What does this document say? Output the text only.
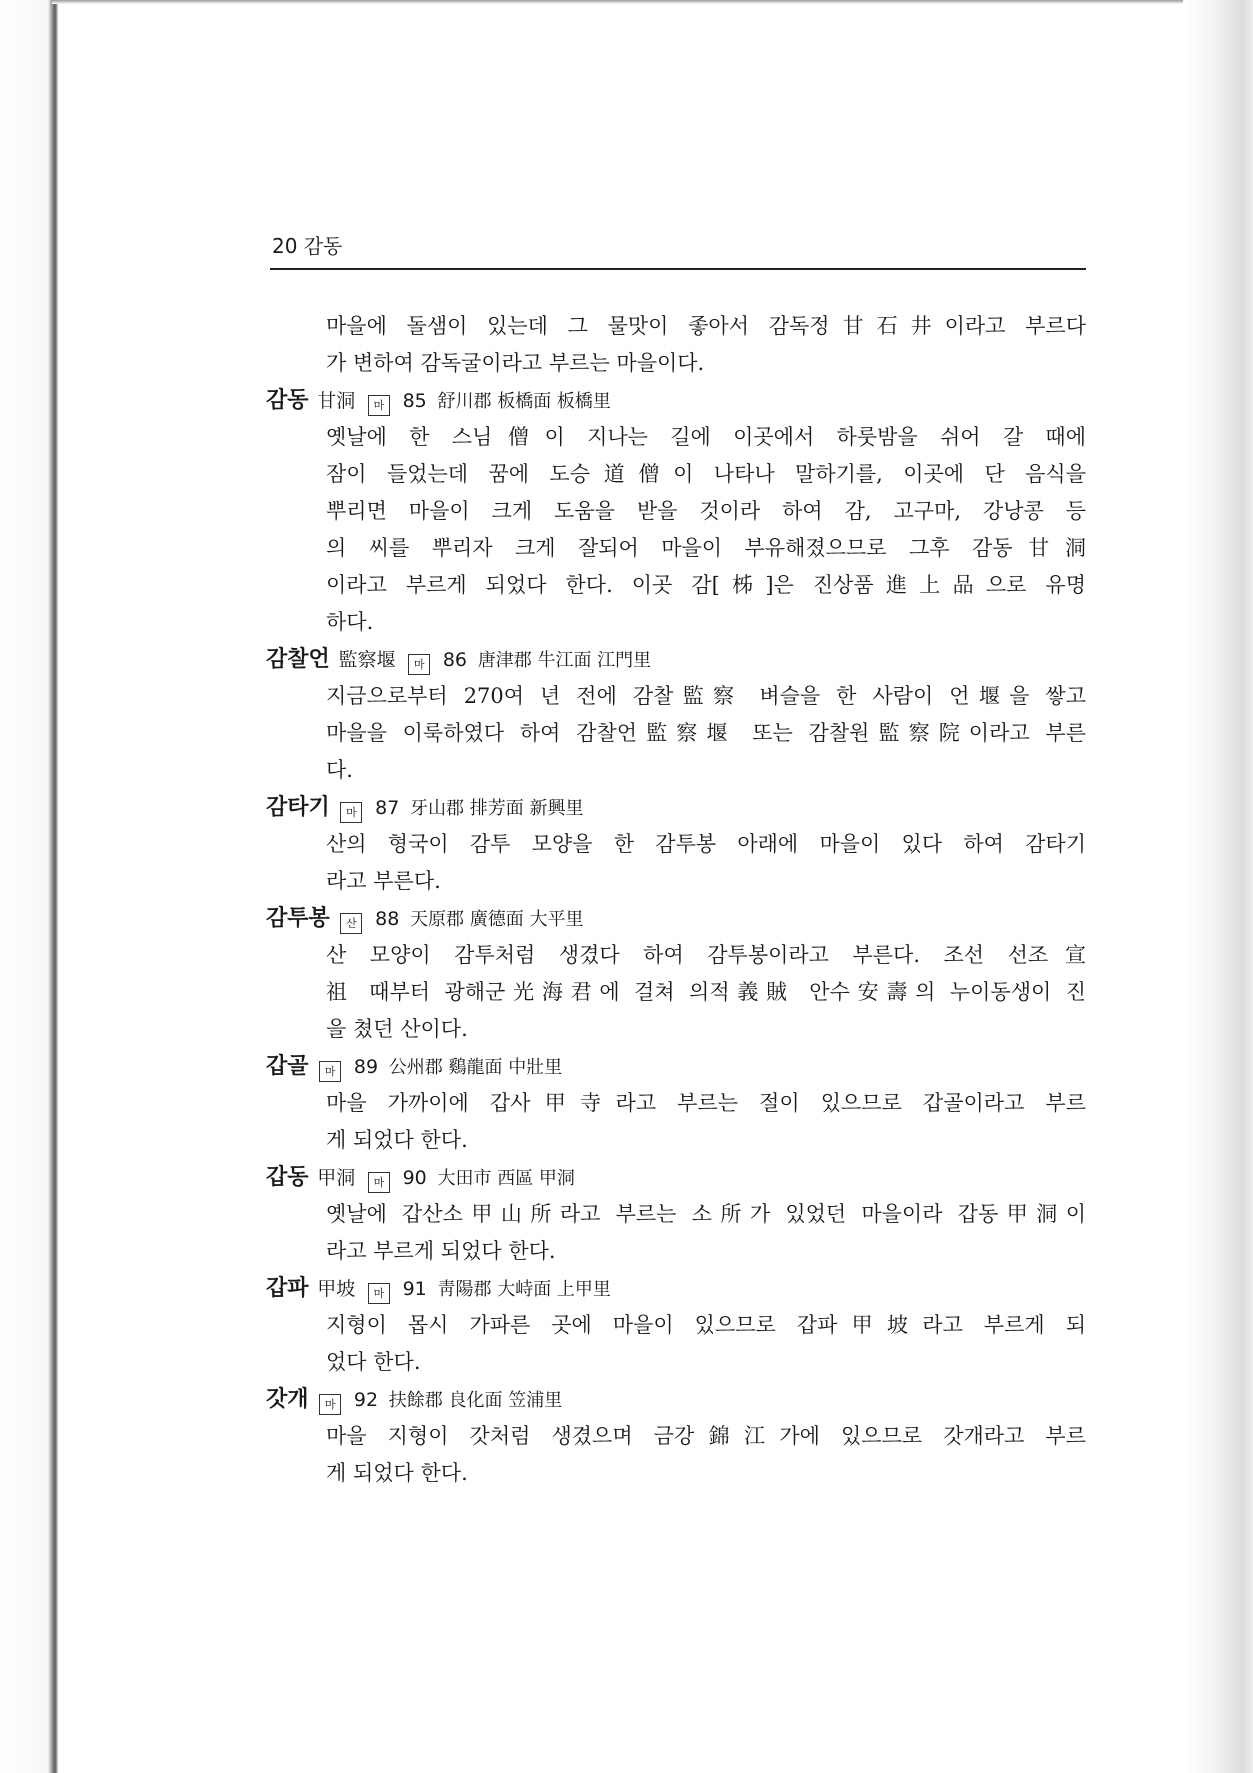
20 감동
마을에 돌샘이 있는데 그 물맛이 좋아서 감독정甘石井이라고 부르다
가 변하여 감독굴이라고 부르는 마을이다.
감동 甘洞 마 85 舒川郡 板橋面 板橋里
옛날에 한 스님僧이 지나는 길에 이곳에서 하룻밤을 쉬어 갈 때에
잠이 들었는데 꿈에 도승道僧이 나타나 말하기를, 이곳에 단 음식을
뿌리면 마을이 크게 도움을 받을 것이라 하여 감, 고구마, 강낭콩 등
의 씨를 뿌리자 크게 잘되어 마을이 부유해졌으므로 그후 감동甘洞
이라고 부르게 되었다 한다. 이곳 감[柹]은 진상품進上品으로 유명
하다.
감찰언 監察堰 마 86 唐津郡 牛江面 江門里
지금으로부터 270여 년 전에 감찰監察 벼슬을 한 사람이 언堰을 쌓고
마을을 이룩하였다 하여 감찰언監察堰 또는 감찰원監察院이라고 부른
다.
감타기 마 87 牙山郡 排芳面 新興里
산의 형국이 감투 모양을 한 감투봉 아래에 마을이 있다 하여 감타기
라고 부른다.
감투봉 산 88 天原郡 廣德面 大平里
산 모양이 감투처럼 생겼다 하여 감투봉이라고 부른다. 조선 선조宣
祖 때부터 광해군光海君에 걸쳐 의적義賊 안수安壽의 누이동생이 진
을 쳤던 산이다.
갑골 마 89 公州郡 鷄龍面 中壯里
마을 가까이에 갑사甲寺라고 부르는 절이 있으므로 갑골이라고 부르
게 되었다 한다.
갑동 甲洞 마 90 大田市 西區 甲洞
옛날에 갑산소甲山所라고 부르는 소所가 있었던 마을이라 갑동甲洞이
라고 부르게 되었다 한다.
갑파 甲坡 마 91 靑陽郡 大峙面 上甲里
지형이 몹시 가파른 곳에 마을이 있으므로 갑파甲坡라고 부르게 되
었다 한다.
갓개 마 92 扶餘郡 良化面 笠浦里
마을 지형이 갓처럼 생겼으며 금강錦江가에 있으므로 갓개라고 부르
게 되었다 한다.
